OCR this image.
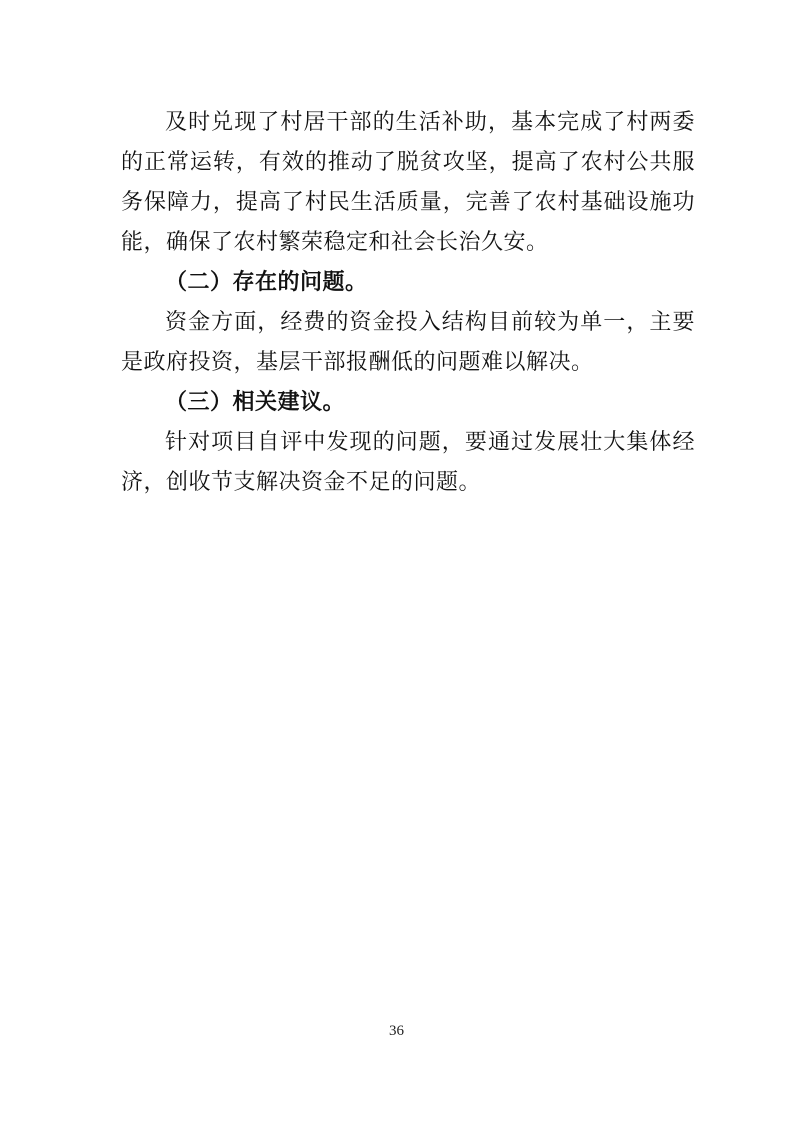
及时兑现了村居干部的生活补助，基本完成了村两委的正常运转，有效的推动了脱贫攻坚，提高了农村公共服务保障力，提高了村民生活质量，完善了农村基础设施功能，确保了农村繁荣稳定和社会长治久安。

（二）存在的问题。

资金方面，经费的资金投入结构目前较为单一，主要是政府投资，基层干部报酬低的问题难以解决。

（三）相关建议。

针对项目自评中发现的问题，要通过发展壮大集体经济，创收节支解决资金不足的问题。

36
